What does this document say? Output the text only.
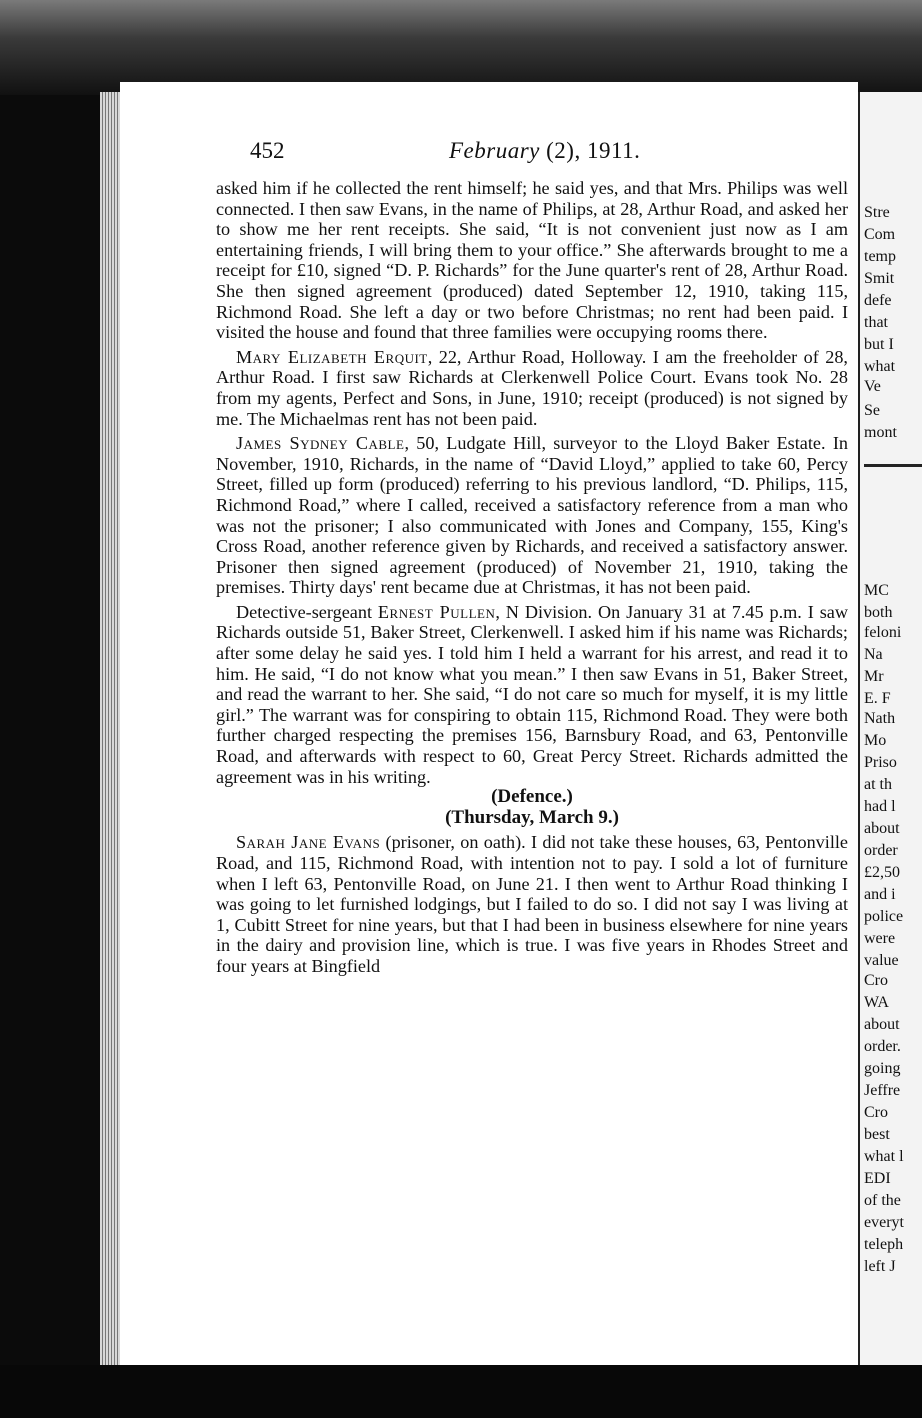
452	February (2), 1911.

asked him if he collected the rent himself; he said yes, and that Mrs. Philips was well connected. I then saw Evans, in the name of Philips, at 28, Arthur Road, and asked her to show me her rent receipts. She said, “It is not convenient just now as I am entertaining friends, I will bring them to your office.” She afterwards brought to me a receipt for £10, signed “D. P. Richards” for the June quarter's rent of 28, Arthur Road. She then signed agreement (produced) dated September 12, 1910, taking 115, Richmond Road. She left a day or two before Christmas; no rent had been paid. I visited the house and found that three families were occupying rooms there.

Mary Elizabeth Erquit, 22, Arthur Road, Holloway. I am the freeholder of 28, Arthur Road. I first saw Richards at Clerkenwell Police Court. Evans took No. 28 from my agents, Perfect and Sons, in June, 1910; receipt (produced) is not signed by me. The Michaelmas rent has not been paid.

James Sydney Cable, 50, Ludgate Hill, surveyor to the Lloyd Baker Estate. In November, 1910, Richards, in the name of “David Lloyd,” applied to take 60, Percy Street, filled up form (produced) referring to his previous landlord, “D. Philips, 115, Richmond Road,” where I called, received a satisfactory reference from a man who was not the prisoner; I also communicated with Jones and Company, 155, King's Cross Road, another reference given by Richards, and received a satisfactory answer. Prisoner then signed agreement (produced) of November 21, 1910, taking the premises. Thirty days' rent became due at Christmas, it has not been paid.

Detective-sergeant Ernest Pullen, N Division. On January 31 at 7.45 p.m. I saw Richards outside 51, Baker Street, Clerkenwell. I asked him if his name was Richards; after some delay he said yes. I told him I held a warrant for his arrest, and read it to him. He said, “I do not know what you mean.” I then saw Evans in 51, Baker Street, and read the warrant to her. She said, “I do not care so much for myself, it is my little girl.” The warrant was for conspiring to obtain 115, Richmond Road. They were both further charged respecting the premises 156, Barnsbury Road, and 63, Pentonville Road, and afterwards with respect to 60, Great Percy Street. Richards admitted the agreement was in his writing.

(Defence.)

(Thursday, March 9.)

Sarah Jane Evans (prisoner, on oath). I did not take these houses, 63, Pentonville Road, and 115, Richmond Road, with intention not to pay. I sold a lot of furniture when I left 63, Pentonville Road, on June 21. I then went to Arthur Road thinking I was going to let furnished lodgings, but I failed to do so. I did not say I was living at 1, Cubitt Street for nine years, but that I had been in business elsewhere for nine years in the dairy and provision line, which is true. I was five years in Rhodes Street and four years at Bingfield

Stre
Com
temp
Smit
defe
that
but I
what
Ve
Se
mont
MC
both
feloni
Na
Mr
E. F
Nath
Mo
Priso
at th
had l
about
order
£2,50
and i
police
were
value
Cro
WA
about
order.
going
Jeffre
Cro
best
what l
EDI
of the
everyt
teleph
left J
